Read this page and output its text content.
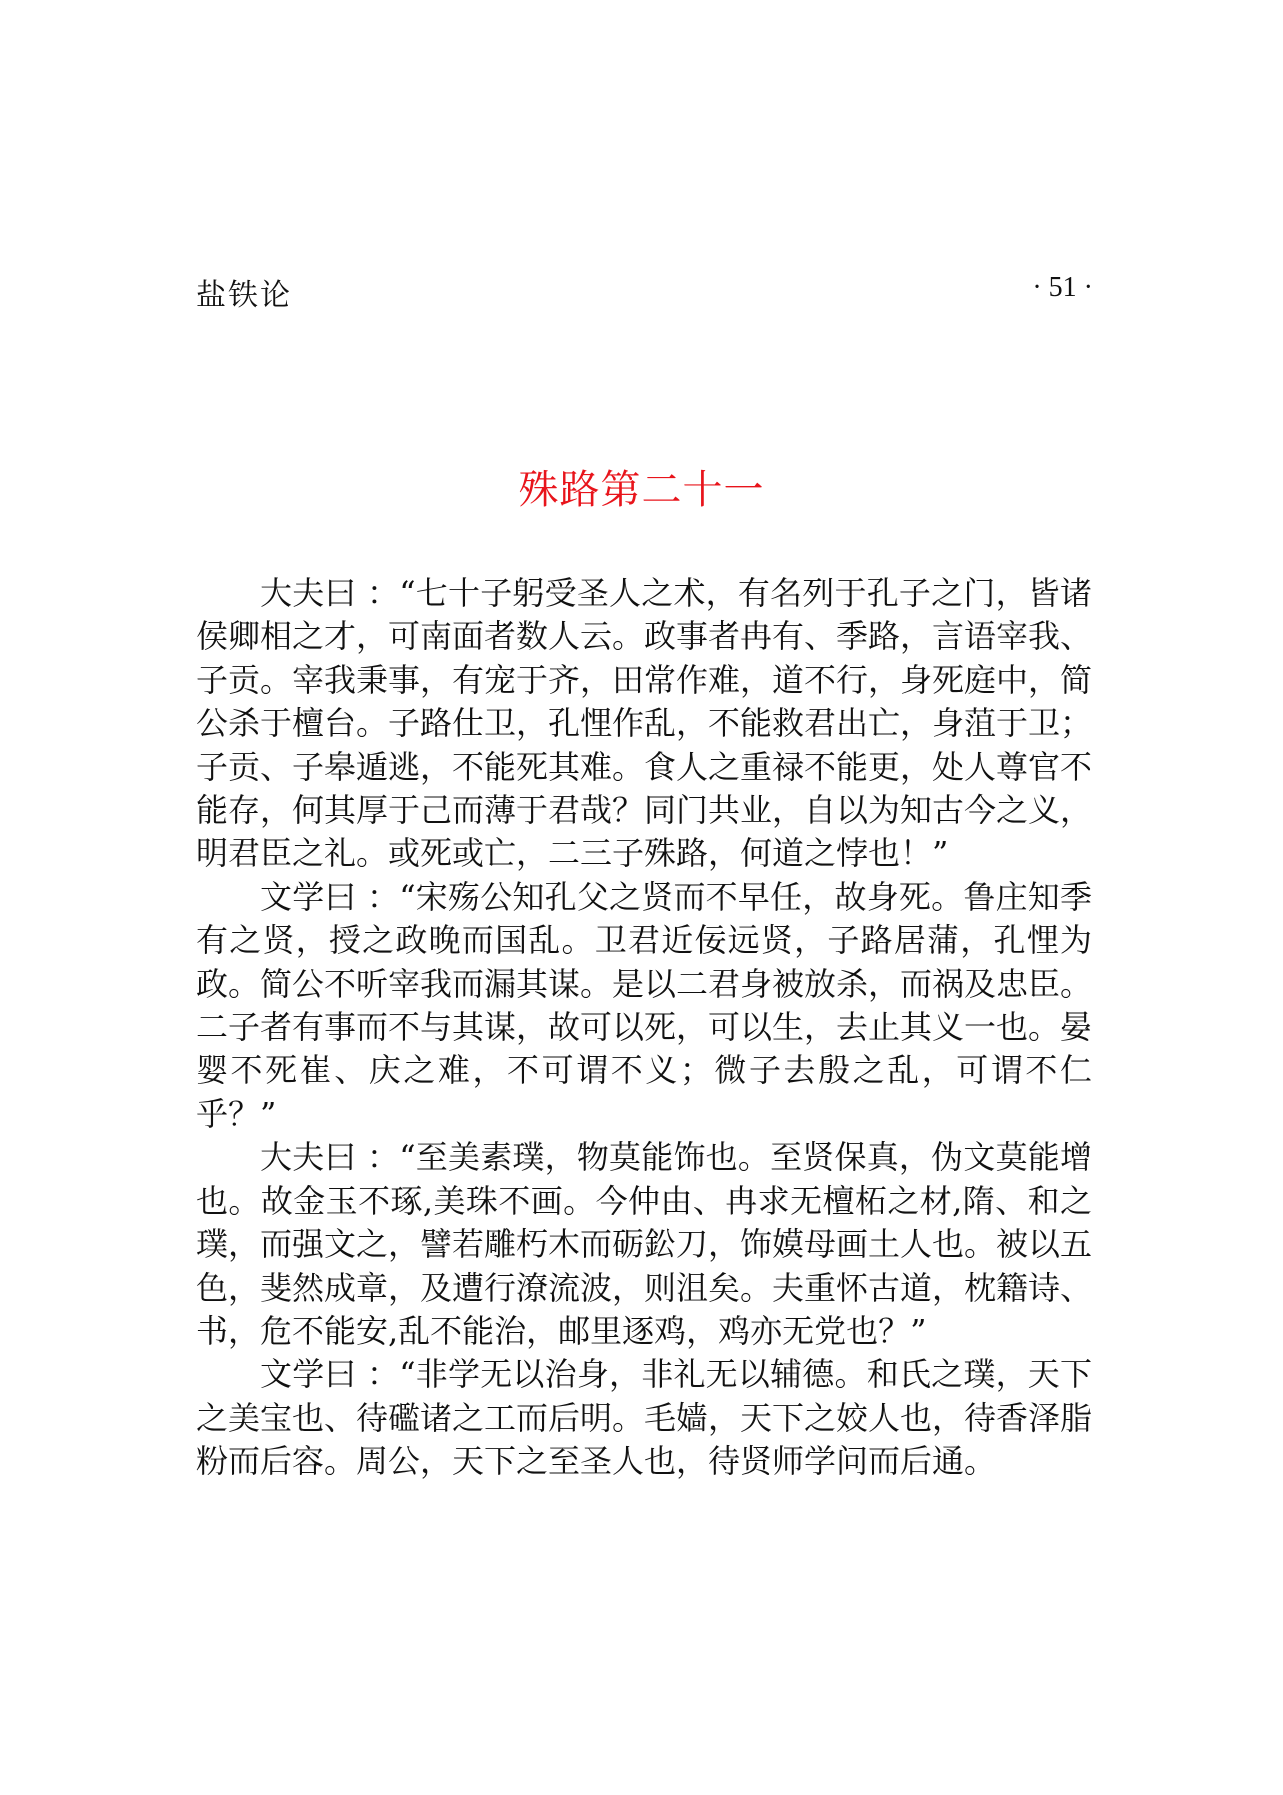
盐铁论	· 51 ·
殊路第二十一

大夫曰 ：“七十子躬受圣人之术，有名列于孔子之门，皆诸侯卿相之才，可南面者数人云。政事者冉有、季路，言语宰我、子贡。宰我秉事，有宠于齐，田常作难，道不行，身死庭中，简公杀于檀台。子路仕卫，孔悝作乱，不能救君出亡，身菹于卫；子贡、子皋遁逃，不能死其难。食人之重禄不能更，处人尊官不能存，何其厚于己而薄于君哉？同门共业，自以为知古今之义，明君臣之礼。或死或亡，二三子殊路，何道之悖也！”

文学曰 ：“宋殇公知孔父之贤而不早任，故身死。鲁庄知季有之贤，授之政晚而国乱。卫君近佞远贤，子路居蒲，孔悝为政。简公不听宰我而漏其谋。是以二君身被放杀，而祸及忠臣。二子者有事而不与其谋，故可以死，可以生，去止其义一也。晏婴不死崔、庆之难，不可谓不义；微子去殷之乱，可谓不仁乎？”

大夫曰 ：“至美素璞，物莫能饰也。至贤保真，伪文莫能增也。故金玉不琢,美珠不画。今仲由、冉求无檀柘之材,隋、和之璞，而强文之，譬若雕朽木而砺鈆刀，饰嫫母画土人也。被以五色，斐然成章，及遭行潦流波，则沮矣。夫重怀古道，枕籍诗、书，危不能安,乱不能治，邮里逐鸡，鸡亦无党也？”

文学曰 ：“非学无以治身，非礼无以辅德。和氏之璞，天下之美宝也、待礛诸之工而后明。毛嫱，天下之姣人也，待香泽脂粉而后容。周公，天下之至圣人也，待贤师学问而后通。
